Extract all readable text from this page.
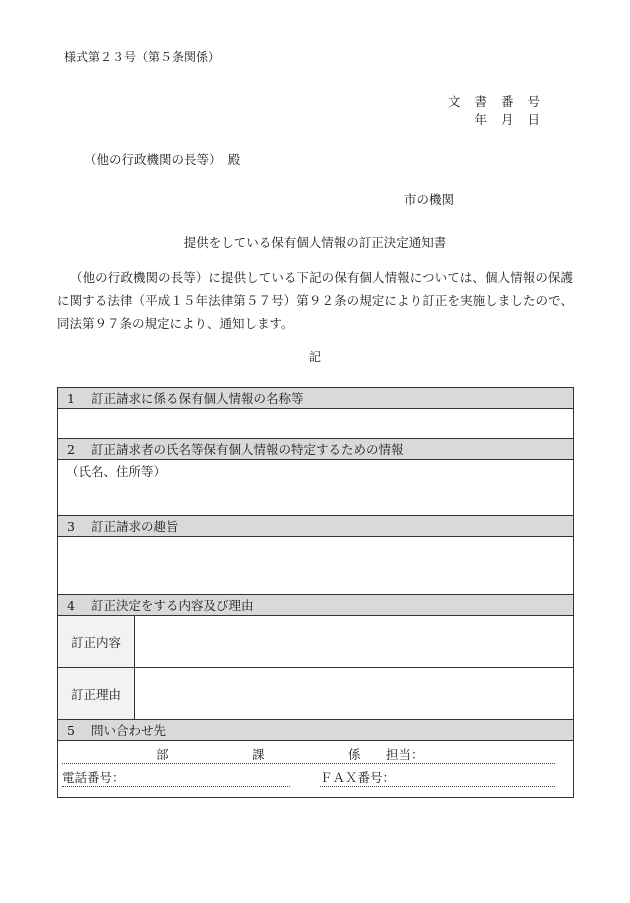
様式第２３号（第５条関係）
文書番号
年月日
（他の行政機関の長等）　殿
市の機関
提供をしている保有個人情報の訂正決定通知書
（他の行政機関の長等）に提供している下記の保有個人情報については、個人情報の保護に関する法律（平成１５年法律第５７号）第９２条の規定により訂正を実施しましたので、同法第９７条の規定により、通知します。
記
1 訂正請求に係る保有個人情報の名称等
2 訂正請求者の氏名等保有個人情報の特定するための情報
（氏名、住所等）
3 訂正請求の趣旨
4 訂正決定をする内容及び理由
訂正内容
訂正理由
5 問い合わせ先
部	課	係 担当：
電話番号：	ＦＡＸ番号：
